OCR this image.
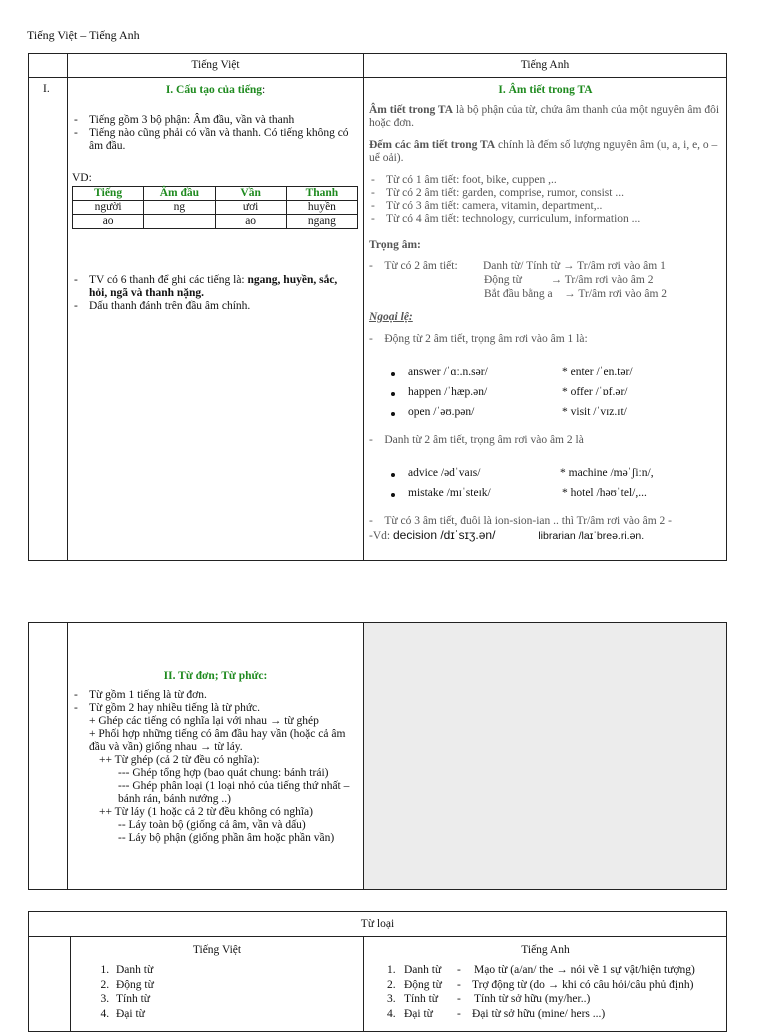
Tiếng Việt – Tiếng Anh
	Tiếng Việt	Tiếng Anh
I.	I. Cấu tạo của tiếng:
- Tiếng gồm 3 bộ phận: Âm đầu, vần và thanh
- Tiếng nào cũng phải có vần và thanh. Có tiếng không có âm đầu.
VD:
Tiếng	Âm đầu	Vần	Thanh
người	ng	ươi	huyền
ao		ao	ngang
- TV có 6 thanh để ghi các tiếng là: ngang, huyền, sắc, hỏi, ngã và thanh nặng.
- Dấu thanh đánh trên đầu âm chính.

I. Âm tiết trong TA
Âm tiết trong TA là bộ phận của từ, chứa âm thanh của một nguyên âm đôi hoặc đơn.
Đếm các âm tiết trong TA chính là đếm số lượng nguyên âm (u, a, i, e, o – uể oải).
- Từ có 1 âm tiết: foot, bike, cuppen ,..
- Từ có 2 âm tiết: garden, comprise, rumor, consist ...
- Từ có 3 âm tiết: camera, vitamin, department,..
- Từ có 4 âm tiết: technology, curriculum, information ...
Trọng âm:
-    Từ có 2 âm tiết: Danh từ/ Tính từ → Tr/âm rơi vào âm 1
Động từ          → Tr/âm rơi vào âm 2
Bắt đầu bằng a    → Tr/âm rơi vào âm 2
Ngoại lệ:
-    Động từ 2 âm tiết, trọng âm rơi vào âm 1 là:
answer /ˈɑː.n.sər/	* enter /ˈen.tər/
happen /ˈhæp.ən/	* offer /ˈɒf.ər/
open /ˈəʊ.pən/	* visit /ˈvɪz.ɪt/
-    Danh từ 2 âm tiết, trọng âm rơi vào âm 2 là
advice /ədˈvaɪs/	* machine /məˈʃiːn/,
mistake /mɪˈsteɪk/	* hotel /həʊˈtel/,...
-    Từ có 3 âm tiết, đuôi là ion-sion-ian .. thì Tr/âm rơi vào âm 2 -
-Vd: decision /dɪˈsɪʒ.ən/	librarian /laɪˈbreə.ri.ən.

II. Từ đơn; Từ phức:
- Từ gồm 1 tiếng là từ đơn.
- Từ gồm 2 hay nhiều tiếng là từ phức.
+ Ghép các tiếng có nghĩa lại với nhau → từ ghép
+ Phối hợp những tiếng có âm đầu hay vần (hoặc cả âm đầu và vần) giống nhau → từ láy.
++ Từ ghép (cả 2 từ đều có nghĩa):
--- Ghép tổng hợp (bao quát chung: bánh trái)
--- Ghép phân loại (1 loại nhỏ của tiếng thứ nhất – bánh rán, bánh nướng ..)
++ Từ láy (1 hoặc cả 2 từ đều không có nghĩa)
-- Láy toàn bộ (giống cả âm, vần và dấu)
-- Láy bộ phận (giống phần âm hoặc phần vần)

Từ loại

Tiếng Việt
1. Danh từ
2. Động từ
3. Tính từ
4. Đại từ

Tiếng Anh
1. Danh từ - Mạo từ (a/an/ the → nói về 1 sự vật/hiện tượng)
2. Động từ - Trợ động từ (do → khi có câu hỏi/câu phủ định)
3. Tính từ - Tính từ sở hữu (my/her..)
4. Đại từ - Đại từ sở hữu (mine/ hers ...)
